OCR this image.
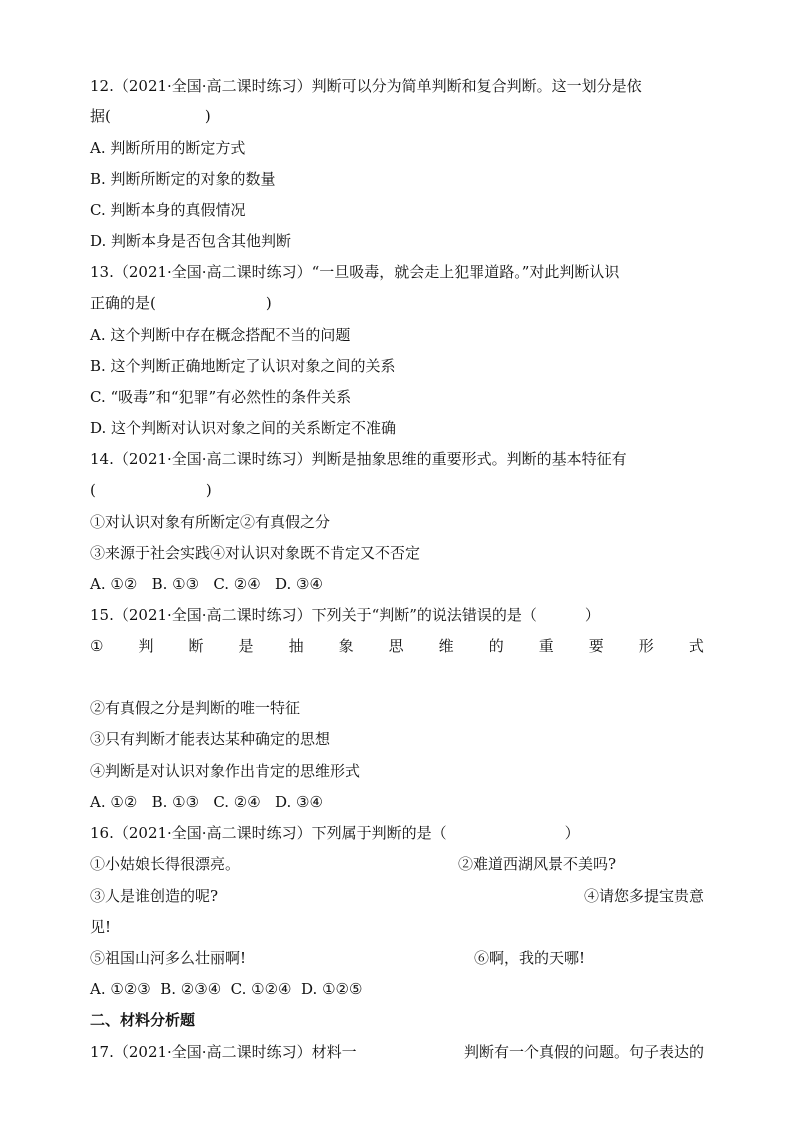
12.（2021·全国·高二课时练习）判断可以分为简单判断和复合判断。这一划分是依
据(	)
A. 判断所用的断定方式
B. 判断所断定的对象的数量
C. 判断本身的真假情况
D. 判断本身是否包含其他判断
13.（2021·全国·高二课时练习）“一旦吸毒，就会走上犯罪道路。”对此判断认识
正确的是(	)
A. 这个判断中存在概念搭配不当的问题
B. 这个判断正确地断定了认识对象之间的关系
C. “吸毒”和“犯罪”有必然性的条件关系
D. 这个判断对认识对象之间的关系断定不准确
14.（2021·全国·高二课时练习）判断是抽象思维的重要形式。判断的基本特征有
(	)
①对认识对象有所断定②有真假之分
③来源于社会实践④对认识对象既不肯定又不否定
A. ①②   B. ①③   C. ②④   D. ③④
15.（2021·全国·高二课时练习）下列关于“判断”的说法错误的是（	）
① 判 断 是 抽 象 思 维 的 重 要 形 式
②有真假之分是判断的唯一特征
③只有判断才能表达某种确定的思想
④判断是对认识对象作出肯定的思维形式
A. ①②   B. ①③   C. ②④   D. ③④
16.（2021·全国·高二课时练习）下列属于判断的是（	）
①小姑娘长得很漂亮。	②难道西湖风景不美吗?
③人是谁创造的呢?	④请您多提宝贵意
见!
⑤祖国山河多么壮丽啊!	⑥啊，我的天哪!
A. ①②③  B. ②③④  C. ①②④  D. ①②⑤
二、材料分析题
17.（2021·全国·高二课时练习）材料一	判断有一个真假的问题。句子表达的
